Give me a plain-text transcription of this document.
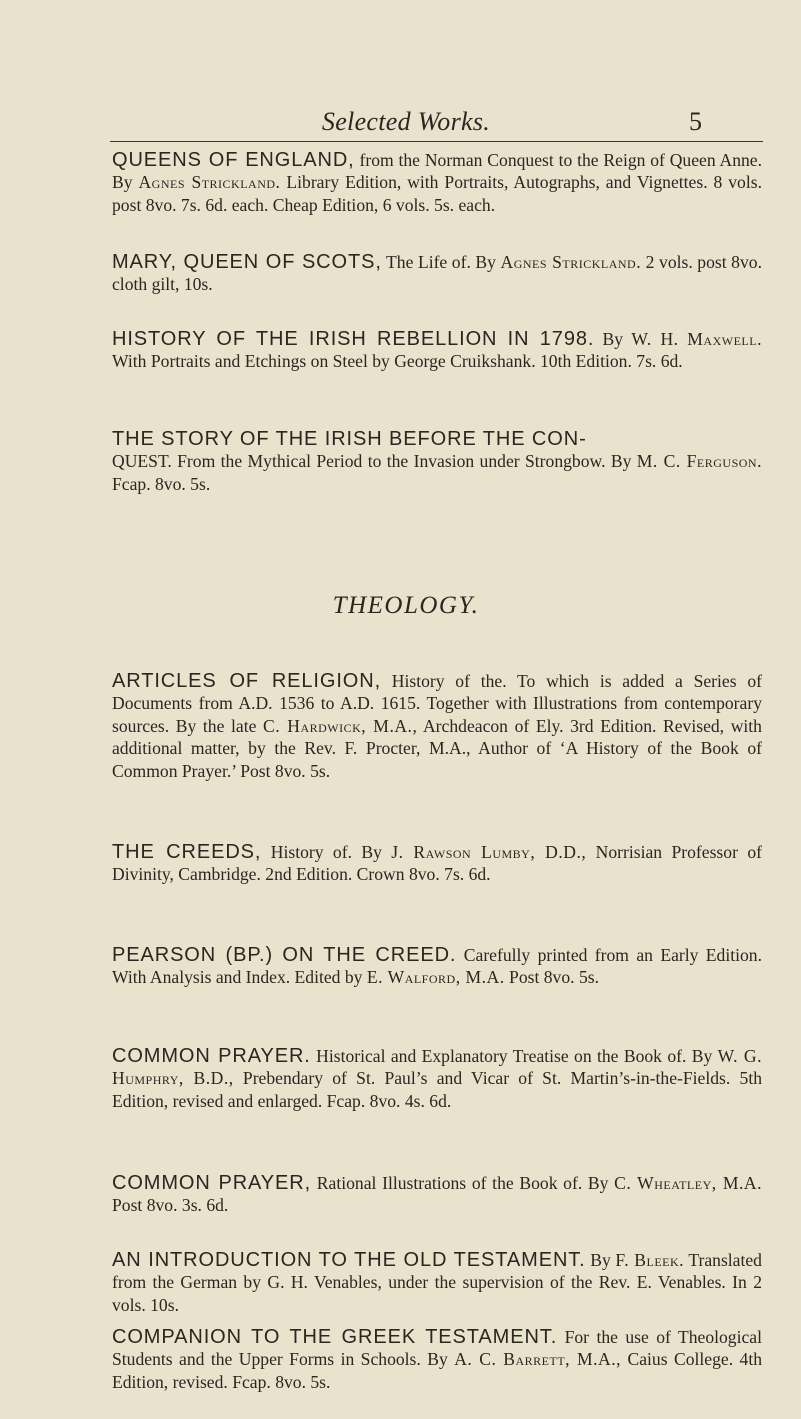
Selected Works.	5

QUEENS OF ENGLAND, from the Norman Conquest to the Reign of Queen Anne. By Agnes Strickland. Library Edition, with Portraits, Autographs, and Vignettes. 8 vols. post 8vo. 7s. 6d. each. Cheap Edition, 6 vols. 5s. each.

MARY, QUEEN OF SCOTS, The Life of. By Agnes Strickland. 2 vols. post 8vo. cloth gilt, 10s.

HISTORY OF THE IRISH REBELLION IN 1798. By W. H. Maxwell. With Portraits and Etchings on Steel by George Cruikshank. 10th Edition. 7s. 6d.

THE STORY OF THE IRISH BEFORE THE CON-
QUEST. From the Mythical Period to the Invasion under Strongbow. By M. C. Ferguson. Fcap. 8vo. 5s.

THEOLOGY.

ARTICLES OF RELIGION, History of the. To which is added a Series of Documents from A.D. 1536 to A.D. 1615. Together with Illustrations from contemporary sources. By the late C. Hardwick, M.A., Archdeacon of Ely. 3rd Edition. Revised, with additional matter, by the Rev. F. Procter, M.A., Author of ‘A History of the Book of Common Prayer.’ Post 8vo. 5s.

THE CREEDS, History of. By J. Rawson Lumby, D.D., Norrisian Professor of Divinity, Cambridge. 2nd Edition. Crown 8vo. 7s. 6d.

PEARSON (BP.) ON THE CREED. Carefully printed from an Early Edition. With Analysis and Index. Edited by E. Walford, M.A. Post 8vo. 5s.

COMMON PRAYER. Historical and Explanatory Treatise on the Book of. By W. G. Humphry, B.D., Prebendary of St. Paul’s and Vicar of St. Martin’s-in-the-Fields. 5th Edition, revised and enlarged. Fcap. 8vo. 4s. 6d.

COMMON PRAYER, Rational Illustrations of the Book of. By C. Wheatley, M.A. Post 8vo. 3s. 6d.

AN INTRODUCTION TO THE OLD TESTAMENT. By F. Bleek. Translated from the German by G. H. Venables, under the supervision of the Rev. E. Venables. In 2 vols. 10s.

COMPANION TO THE GREEK TESTAMENT. For the use of Theological Students and the Upper Forms in Schools. By A. C. Barrett, M.A., Caius College. 4th Edition, revised. Fcap. 8vo. 5s.
